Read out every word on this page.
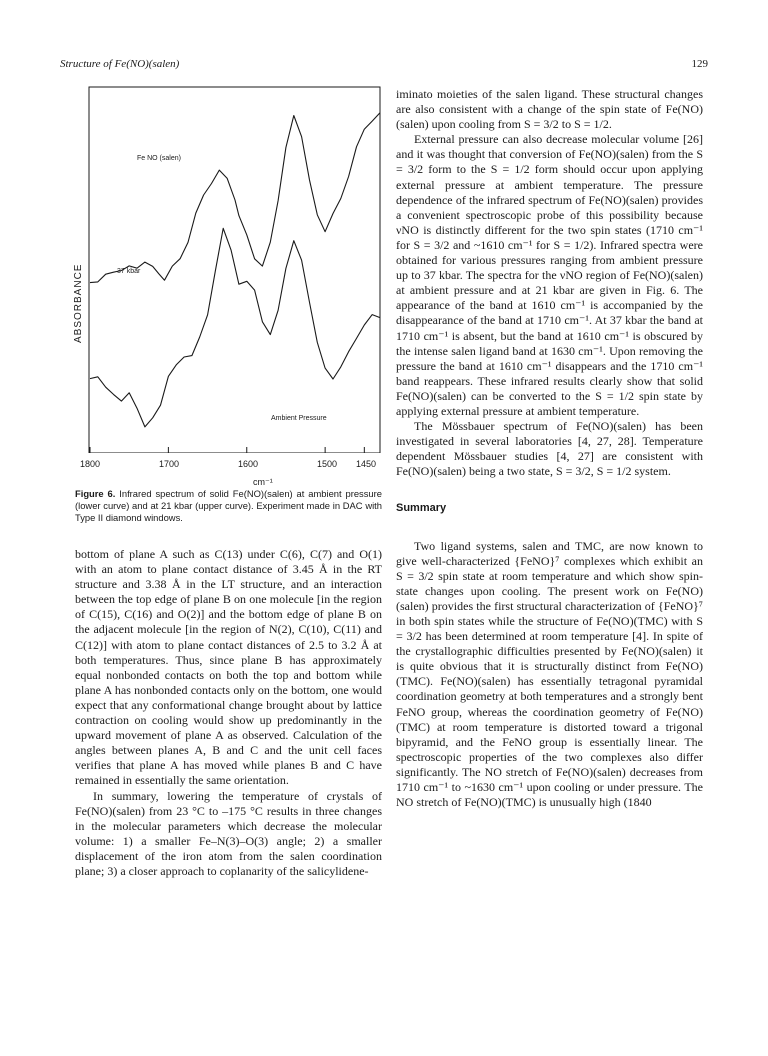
Structure of Fe(NO)(salen)	129
ABSORBANCE
Fe NO (salen)
37 kbar
Ambient Pressure
1800	1700	1600	1500 1450
cm⁻¹
Figure 6. Infrared spectrum of solid Fe(NO)(salen) at ambient pressure (lower curve) and at 21 kbar (upper curve). Experiment made in DAC with Type II diamond windows.

bottom of plane A such as C(13) under C(6), C(7) and O(1) with an atom to plane contact distance of 3.45 Å in the RT structure and 3.38 Å in the LT structure, and an interaction between the top edge of plane B on one molecule [in the region of C(15), C(16) and O(2)] and the bottom edge of plane B on the adjacent molecule [in the region of N(2), C(10), C(11) and C(12)] with atom to plane contact distances of 2.5 to 3.2 Å at both temperatures. Thus, since plane B has approximately equal nonbonded contacts on both the top and bottom while plane A has nonbonded contacts only on the bottom, one would expect that any conformational change brought about by lattice contraction on cooling would show up predominantly in the upward movement of plane A as observed. Calculation of the angles between planes A, B and C and the unit cell faces verifies that plane A has moved while planes B and C have remained in essentially the same orientation.

In summary, lowering the temperature of crystals of Fe(NO)(salen) from 23 °C to –175 °C results in three changes in the molecular parameters which decrease the molecular volume: 1) a smaller Fe–N(3)–O(3) angle; 2) a smaller displacement of the iron atom from the salen coordination plane; 3) a closer approach to coplanarity of the salicylidene-

iminato moieties of the salen ligand. These structural changes are also consistent with a change of the spin state of Fe(NO)(salen) upon cooling from S = 3/2 to S = 1/2.

External pressure can also decrease molecular volume [26] and it was thought that conversion of Fe(NO)(salen) from the S = 3/2 form to the S = 1/2 form should occur upon applying external pressure at ambient temperature. The pressure dependence of the infrared spectrum of Fe(NO)(salen) provides a convenient spectroscopic probe of this possibility because νNO is distinctly different for the two spin states (1710 cm⁻¹ for S = 3/2 and ~1610 cm⁻¹ for S = 1/2). Infrared spectra were obtained for various pressures ranging from ambient pressure up to 37 kbar. The spectra for the νNO region of Fe(NO)(salen) at ambient pressure and at 21 kbar are given in Fig. 6. The appearance of the band at 1610 cm⁻¹ is accompanied by the disappearance of the band at 1710 cm⁻¹. At 37 kbar the band at 1710 cm⁻¹ is absent, but the band at 1610 cm⁻¹ is obscured by the intense salen ligand band at 1630 cm⁻¹. Upon removing the pressure the band at 1610 cm⁻¹ disappears and the 1710 cm⁻¹ band reappears. These infrared results clearly show that solid Fe(NO)(salen) can be converted to the S = 1/2 spin state by applying external pressure at ambient temperature.

The Mössbauer spectrum of Fe(NO)(salen) has been investigated in several laboratories [4, 27, 28]. Temperature dependent Mössbauer studies [4, 27] are consistent with Fe(NO)(salen) being a two state, S = 3/2, S = 1/2 system.

Summary

Two ligand systems, salen and TMC, are now known to give well-characterized {FeNO}⁷ complexes which exhibit an S = 3/2 spin state at room temperature and which show spin-state changes upon cooling. The present work on Fe(NO)(salen) provides the first structural characterization of {FeNO}⁷ in both spin states while the structure of Fe(NO)(TMC) with S = 3/2 has been determined at room temperature [4]. In spite of the crystallographic difficulties presented by Fe(NO)(salen) it is quite obvious that it is structurally distinct from Fe(NO)(TMC). Fe(NO)(salen) has essentially tetragonal pyramidal coordination geometry at both temperatures and a strongly bent FeNO group, whereas the coordination geometry of Fe(NO)(TMC) at room temperature is distorted toward a trigonal bipyramid, and the FeNO group is essentially linear. The spectroscopic properties of the two complexes also differ significantly. The NO stretch of Fe(NO)(salen) decreases from 1710 cm⁻¹ to ~1630 cm⁻¹ upon cooling or under pressure. The NO stretch of Fe(NO)(TMC) is unusually high (1840
